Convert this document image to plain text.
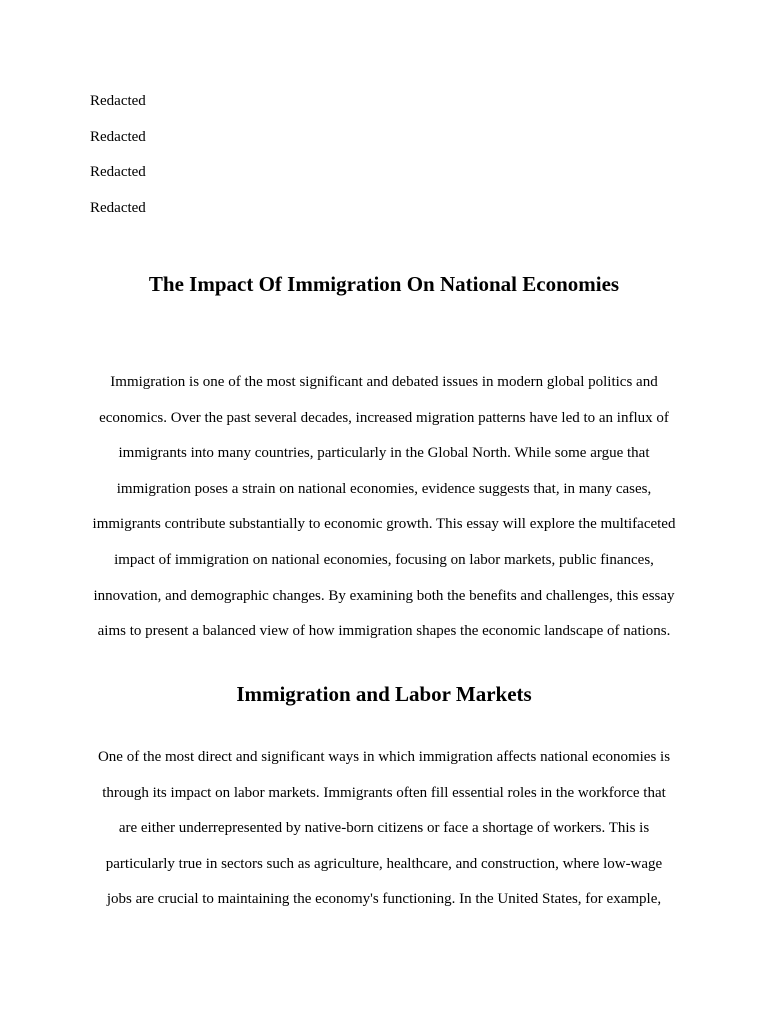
Redacted
Redacted
Redacted
Redacted
The Impact Of Immigration On National Economies
Immigration is one of the most significant and debated issues in modern global politics and
economics. Over the past several decades, increased migration patterns have led to an influx of
immigrants into many countries, particularly in the Global North. While some argue that
immigration poses a strain on national economies, evidence suggests that, in many cases,
immigrants contribute substantially to economic growth. This essay will explore the multifaceted
impact of immigration on national economies, focusing on labor markets, public finances,
innovation, and demographic changes. By examining both the benefits and challenges, this essay
aims to present a balanced view of how immigration shapes the economic landscape of nations.
Immigration and Labor Markets
One of the most direct and significant ways in which immigration affects national economies is
through its impact on labor markets. Immigrants often fill essential roles in the workforce that
are either underrepresented by native-born citizens or face a shortage of workers. This is
particularly true in sectors such as agriculture, healthcare, and construction, where low-wage
jobs are crucial to maintaining the economy's functioning. In the United States, for example,
